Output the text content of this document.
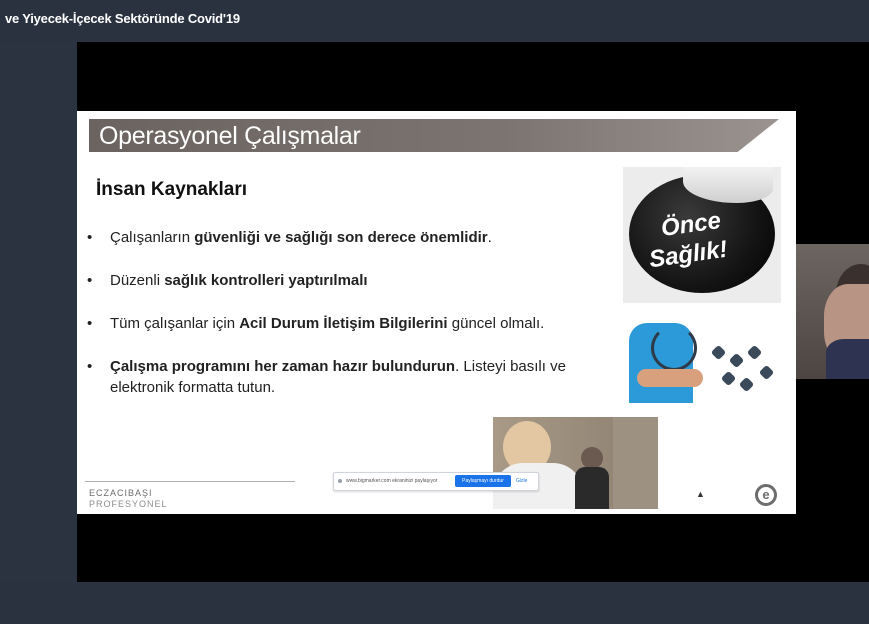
ve Yiyecek-İçecek Sektöründe Covid'19
Operasyonel Çalışmalar
İnsan Kaynakları
• Çalışanların güvenliği ve sağlığı son derece önemlidir.
• Düzenli sağlık kontrolleri yaptırılmalı
• Tüm çalışanlar için Acil Durum İletişim Bilgilerini güncel olmalı.
• Çalışma programını her zaman hazır bulundurun. Listeyi basılı ve elektronik formatta tutun.
Önce
Sağlık!
www.bigmarker.com ekraninizi paylaşıyor	Paylaşmayı durdur	Gizle
▲
ECZACIBAŞI
PROFESYONEL
e
